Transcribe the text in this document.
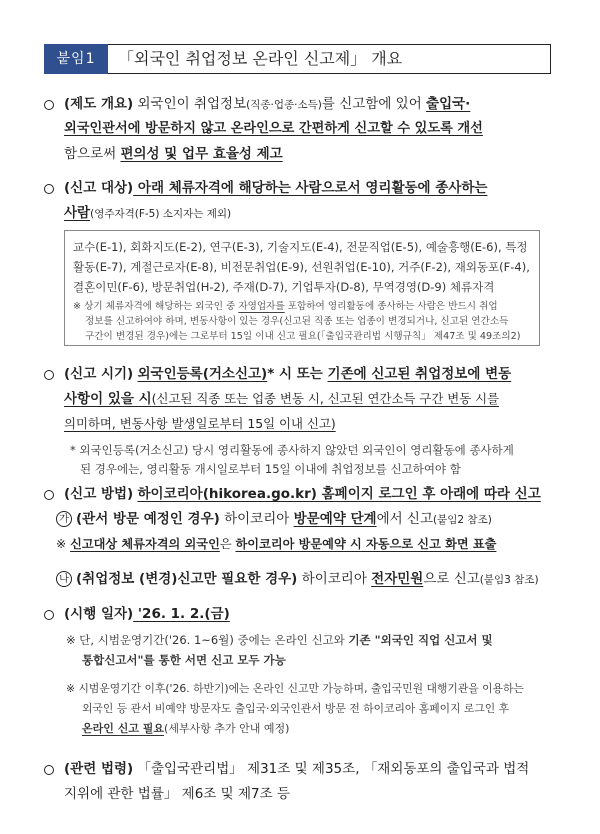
붙임1	「외국인 취업정보 온라인 신고제」 개요
(제도 개요) 외국인이 취업정보(직종·업종·소득)를 신고함에 있어 출입국·
외국인관서에 방문하지 않고 온라인으로 간편하게 신고할 수 있도록 개선
함으로써 편의성 및 업무 효율성 제고
(신고 대상) 아래 체류자격에 해당하는 사람으로서 영리활동에 종사하는
사람(영주자격(F-5) 소지자는 제외)
교수(E-1), 회화지도(E-2), 연구(E-3), 기술지도(E-4), 전문직업(E-5), 예술흥행(E-6), 특정
활동(E-7), 계절근로자(E-8), 비전문취업(E-9), 선원취업(E-10), 거주(F-2), 재외동포(F-4),
결혼이민(F-6), 방문취업(H-2), 주재(D-7), 기업투자(D-8), 무역경영(D-9) 체류자격
※ 상기 체류자격에 해당하는 외국인 중 자영업자를 포함하여 영리활동에 종사하는 사람은 반드시 취업
정보를 신고하여야 하며, 변동사항이 있는 경우(신고된 직종 또는 업종이 변경되거나, 신고된 연간소득
구간이 변경된 경우)에는 그로부터 15일 이내 신고 필요(「출입국관리법 시행규칙」 제47조 및 49조의2)
(신고 시기) 외국인등록(거소신고)* 시 또는 기존에 신고된 취업정보에 변동
사항이 있을 시(신고된 직종 또는 업종 변동 시, 신고된 연간소득 구간 변동 시를
의미하며, 변동사항 발생일로부터 15일 이내 신고)
* 외국인등록(거소신고) 당시 영리활동에 종사하지 않았던 외국인이 영리활동에 종사하게
된 경우에는, 영리활동 개시일로부터 15일 이내에 취업정보를 신고하여야 함
(신고 방법) 하이코리아(hikorea.go.kr) 홈페이지 로그인 후 아래에 따라 신고
가 (관서 방문 예정인 경우) 하이코리아 방문예약 단계에서 신고(붙임2 참조)
※ 신고대상 체류자격의 외국인은 하이코리아 방문예약 시 자동으로 신고 화면 표출
나 (취업정보 (변경)신고만 필요한 경우) 하이코리아 전자민원으로 신고(붙임3 참조)
(시행 일자) '26. 1. 2.(금)
※ 단, 시범운영기간('26. 1~6월) 중에는 온라인 신고와 기존 "외국인 직업 신고서 및
통합신고서"를 통한 서면 신고 모두 가능
※ 시범운영기간 이후('26. 하반기)에는 온라인 신고만 가능하며, 출입국민원 대행기관을 이용하는
외국인 등 관서 비예약 방문자도 출입국·외국인관서 방문 전 하이코리아 홈페이지 로그인 후
온라인 신고 필요(세부사항 추가 안내 예정)
(관련 법령) 「출입국관리법」 제31조 및 제35조, 「재외동포의 출입국과 법적
지위에 관한 법률」 제6조 및 제7조 등
